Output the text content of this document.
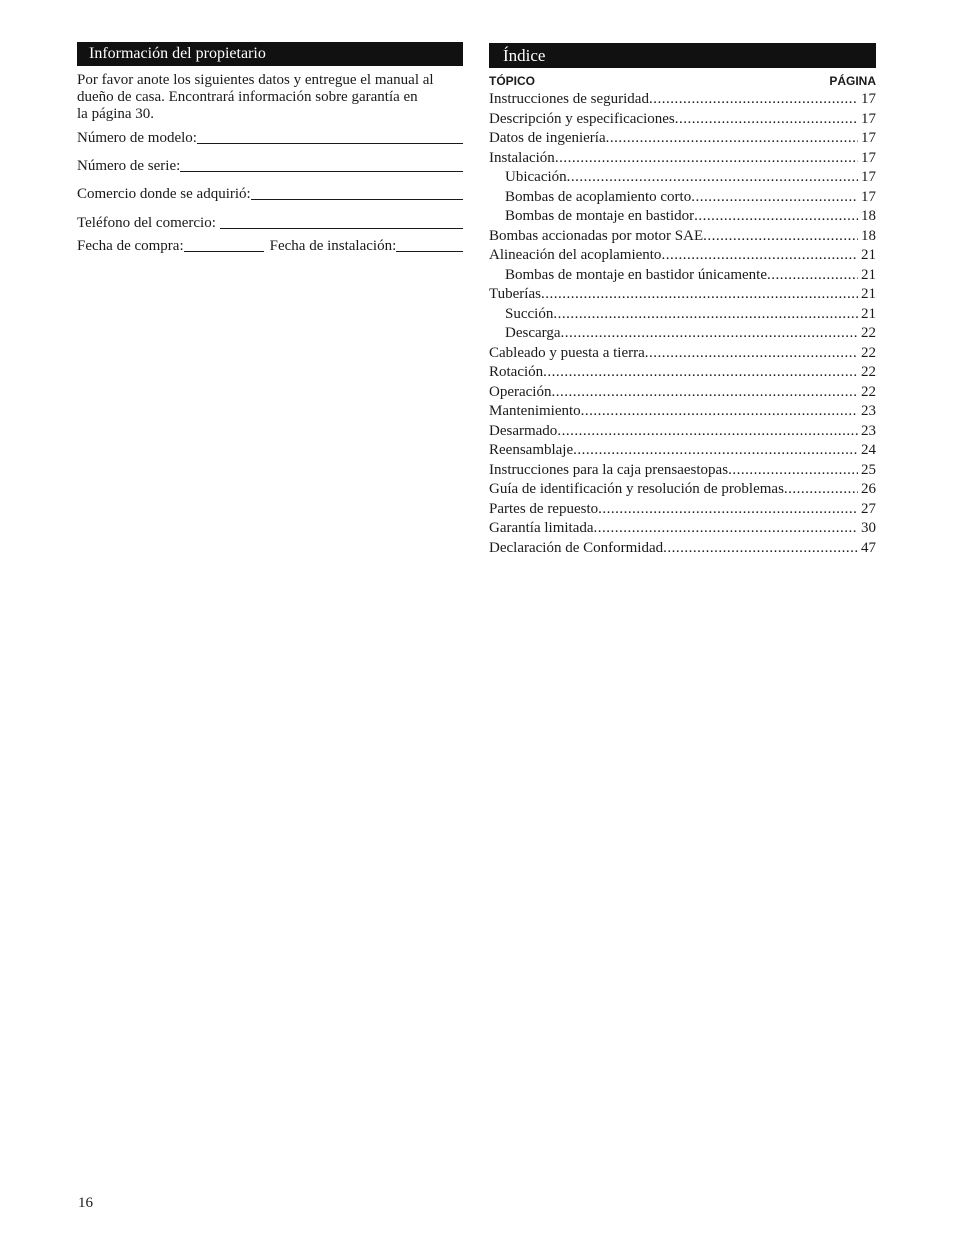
Información del propietario
Por favor anote los siguientes datos y entregue el manual al
dueño de casa. Encontrará información sobre garantía en
la página 30.
Número de modelo:
Número de serie:
Comercio donde se adquirió:
Teléfono del comercio:
Fecha de compra:	Fecha de instalación:
Índice
TÓPICO	PÁGINA
Instrucciones de seguridad .....	17
Descripción y especificaciones .....	17
Datos de ingeniería .....	17
Instalación .....	17
Ubicación .....	17
Bombas de acoplamiento corto .....	17
Bombas de montaje en bastidor .....	18
Bombas accionadas por motor SAE .....	18
Alineación del acoplamiento .....	21
Bombas de montaje en bastidor únicamente .....	21
Tuberías .....	21
Succión .....	21
Descarga .....	22
Cableado y puesta a tierra .....	22
Rotación .....	22
Operación .....	22
Mantenimiento .....	23
Desarmado .....	23
Reensamblaje .....	24
Instrucciones para la caja prensaestopas .....	25
Guía de identificación y resolución de problemas .....	26
Partes de repuesto .....	27
Garantía limitada .....	30
Declaración de Conformidad .....	47
16
